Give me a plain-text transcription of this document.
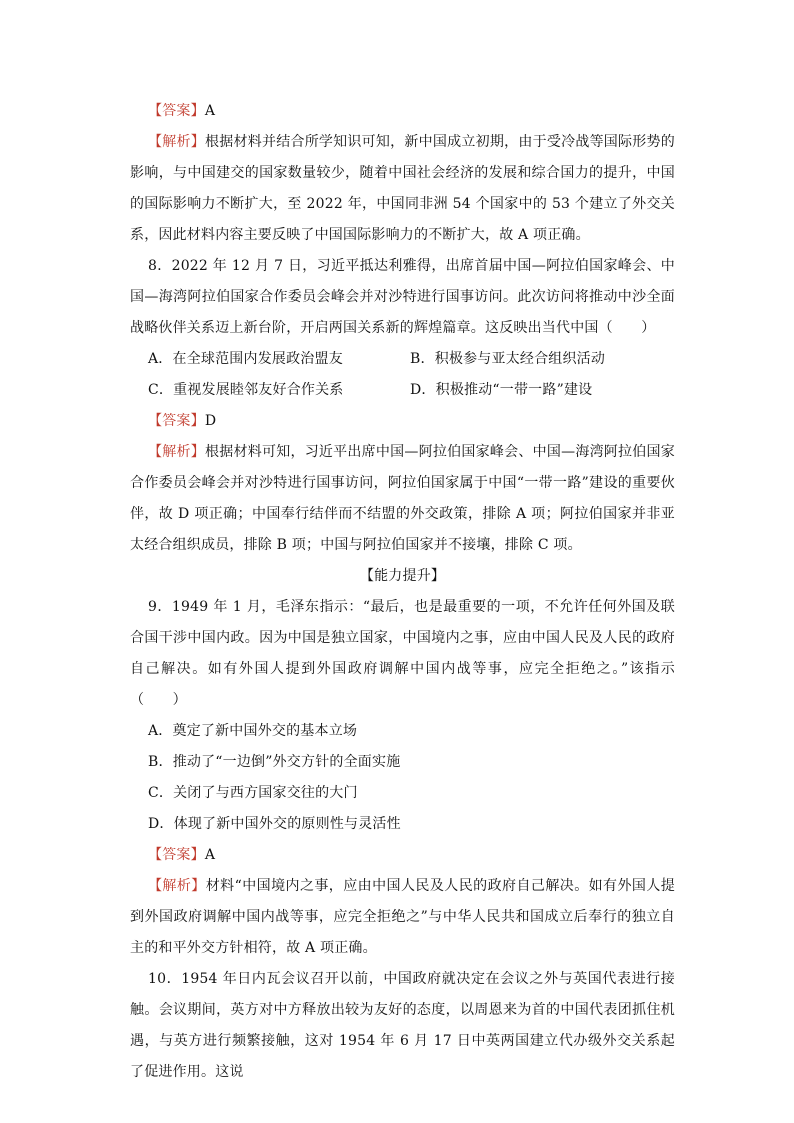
【答案】A

【解析】根据材料并结合所学知识可知，新中国成立初期，由于受冷战等国际形势的影响，与中国建交的国家数量较少，随着中国社会经济的发展和综合国力的提升，中国的国际影响力不断扩大，至 2022 年，中国同非洲 54 个国家中的 53 个建立了外交关系，因此材料内容主要反映了中国国际影响力的不断扩大，故 A 项正确。

8．2022 年 12 月 7 日，习近平抵达利雅得，出席首届中国—阿拉伯国家峰会、中国—海湾阿拉伯国家合作委员会峰会并对沙特进行国事访问。此次访问将推动中沙全面战略伙伴关系迈上新台阶，开启两国关系新的辉煌篇章。这反映出当代中国（　　）

A．在全球范围内发展政治盟友	B．积极参与亚太经合组织活动
C．重视发展睦邻友好合作关系	D．积极推动“一带一路”建设

【答案】D

【解析】根据材料可知，习近平出席中国—阿拉伯国家峰会、中国—海湾阿拉伯国家合作委员会峰会并对沙特进行国事访问，阿拉伯国家属于中国“一带一路”建设的重要伙伴，故 D 项正确；中国奉行结伴而不结盟的外交政策，排除 A 项；阿拉伯国家并非亚太经合组织成员，排除 B 项；中国与阿拉伯国家并不接壤，排除 C 项。

【能力提升】

9．1949 年 1 月，毛泽东指示：“最后，也是最重要的一项，不允许任何外国及联合国干涉中国内政。因为中国是独立国家，中国境内之事，应由中国人民及人民的政府自己解决。如有外国人提到外国政府调解中国内战等事，应完全拒绝之。”该指示（　　）

A．奠定了新中国外交的基本立场

B．推动了“一边倒”外交方针的全面实施

C．关闭了与西方国家交往的大门

D．体现了新中国外交的原则性与灵活性

【答案】A

【解析】材料“中国境内之事，应由中国人民及人民的政府自己解决。如有外国人提到外国政府调解中国内战等事，应完全拒绝之”与中华人民共和国成立后奉行的独立自主的和平外交方针相符，故 A 项正确。

10．1954 年日内瓦会议召开以前，中国政府就决定在会议之外与英国代表进行接触。会议期间，英方对中方释放出较为友好的态度，以周恩来为首的中国代表团抓住机遇，与英方进行频繁接触，这对 1954 年 6 月 17 日中英两国建立代办级外交关系起了促进作用。这说
